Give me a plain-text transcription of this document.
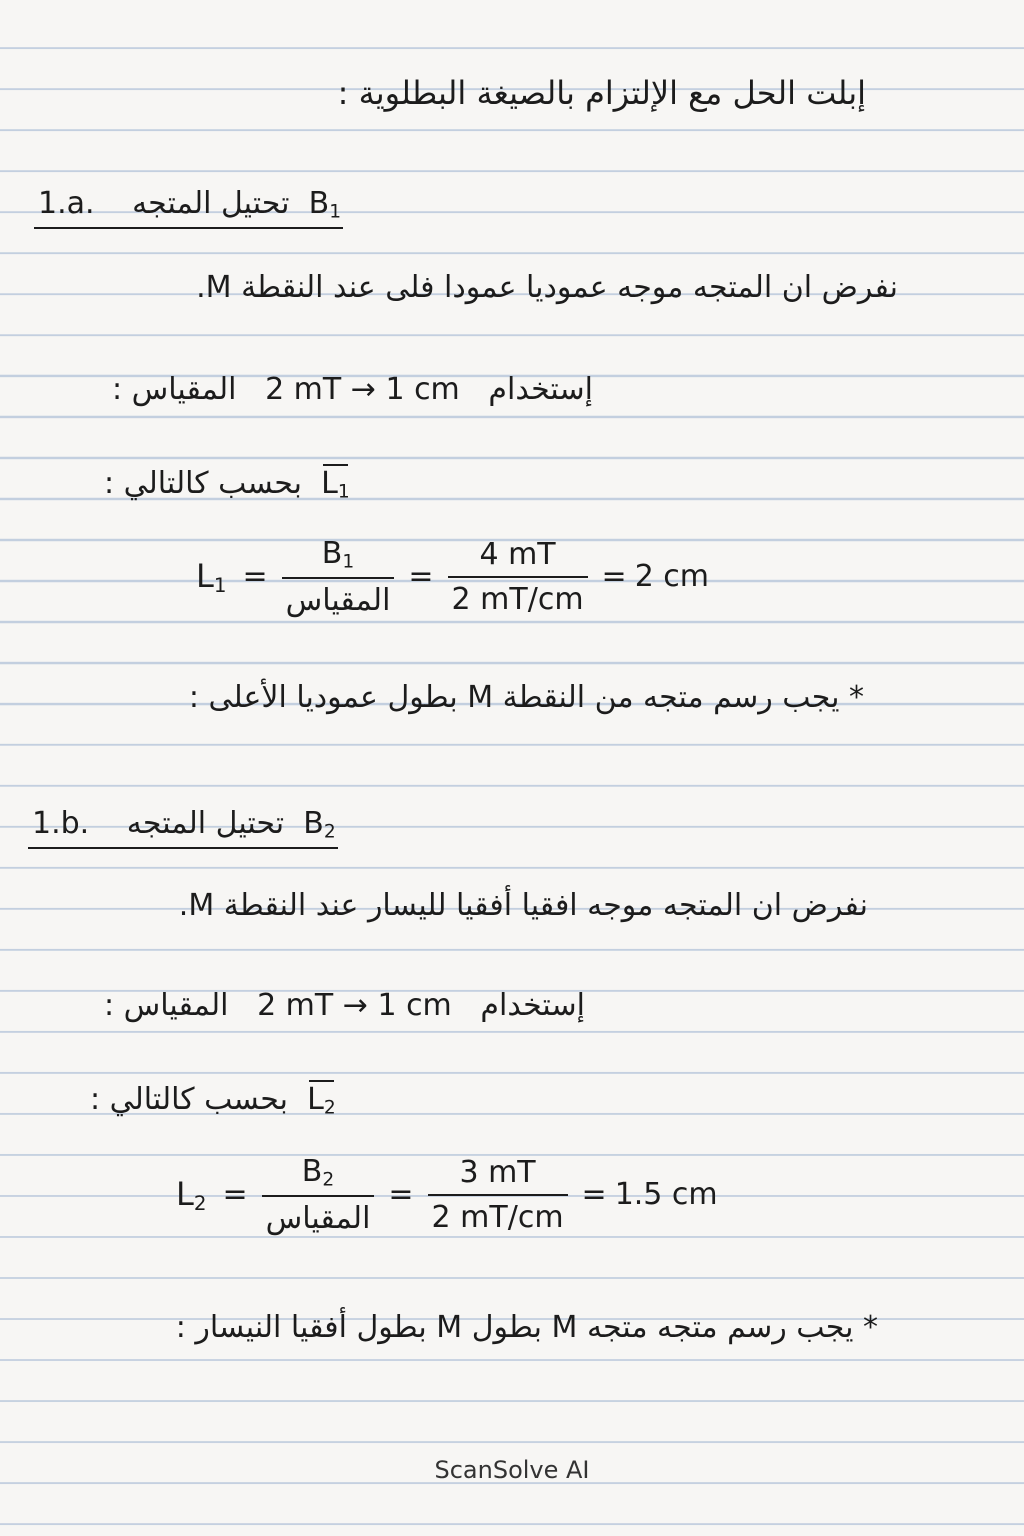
إبلت الحل مع الإلتزام بالصيغة البطلوية :
1.a. تحتيل المتجه $B_1$
نفرض ان المتجه موجه عموديا عمودا فلى عند النقطة M.
المقياس : 2 mT → 1 cm إستخدام
بحسب كالتالي : $L_1$
$L_1 = \frac{B_1}{\text{المقياس}} = \frac{4 mT}{2 mT/cm} = 2$ cm
* يجب رسم متجه من النقطة M بطول عموديا الأعلى :
1.b. تحتيل المتجه $B_2$
نفرض ان المتجه موجه افقيا أفقيا لليسار عند النقطة M.
المقياس : 2 mT → 1 cm إستخدام
بحسب كالتالي : $L_2$
$L_2 = \frac{B_2}{\text{المقياس}} = \frac{3 mT}{2 mT/cm} = 1.5$ cm
* يجب رسم متجه متجه M بطول M بطول أفقيا النيسار :
ScanSolve AI
